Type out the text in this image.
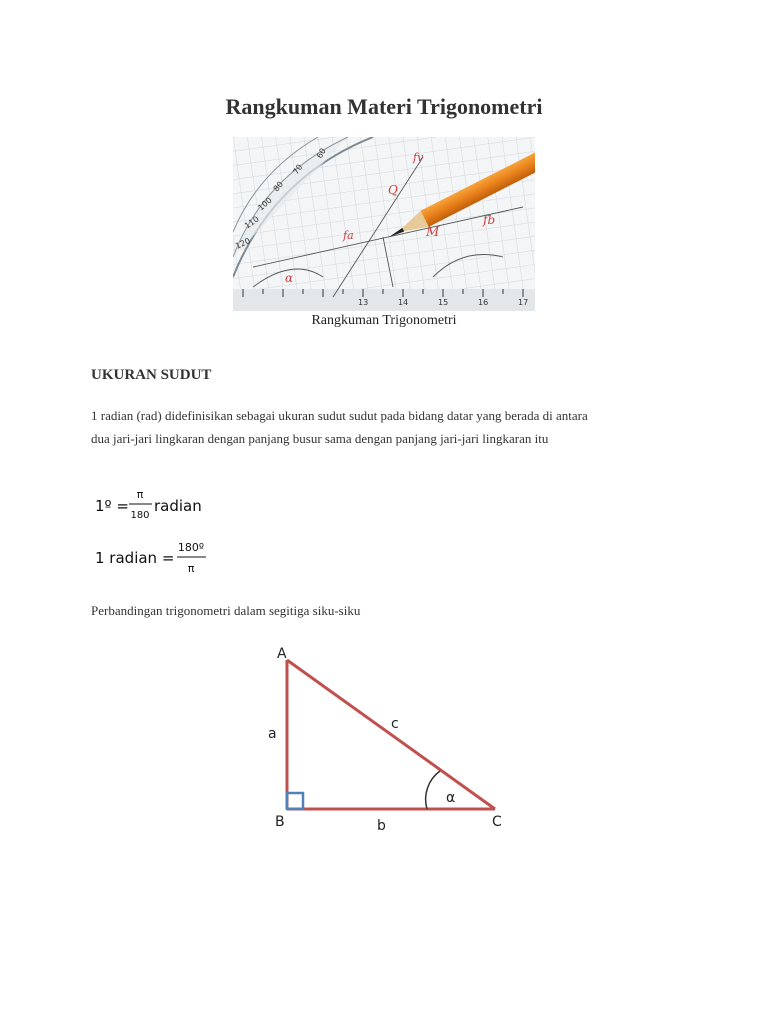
Rangkuman Materi Trigonometri
13	14	15	16	17
60
70
80
100
110
120
fv
Q
M
fa
fb
α
Rangkuman Trigonometri
UKURAN SUDUT
1 radian (rad) didefinisikan sebagai ukuran sudut sudut pada bidang datar yang berada di antara
dua jari-jari lingkaran dengan panjang busur sama dengan panjang jari-jari lingkaran itu
1º =
π
180
radian
1 radian =
180º
π
Perbandingan trigonometri dalam segitiga siku-siku
A
B	C
a
b
c
α
